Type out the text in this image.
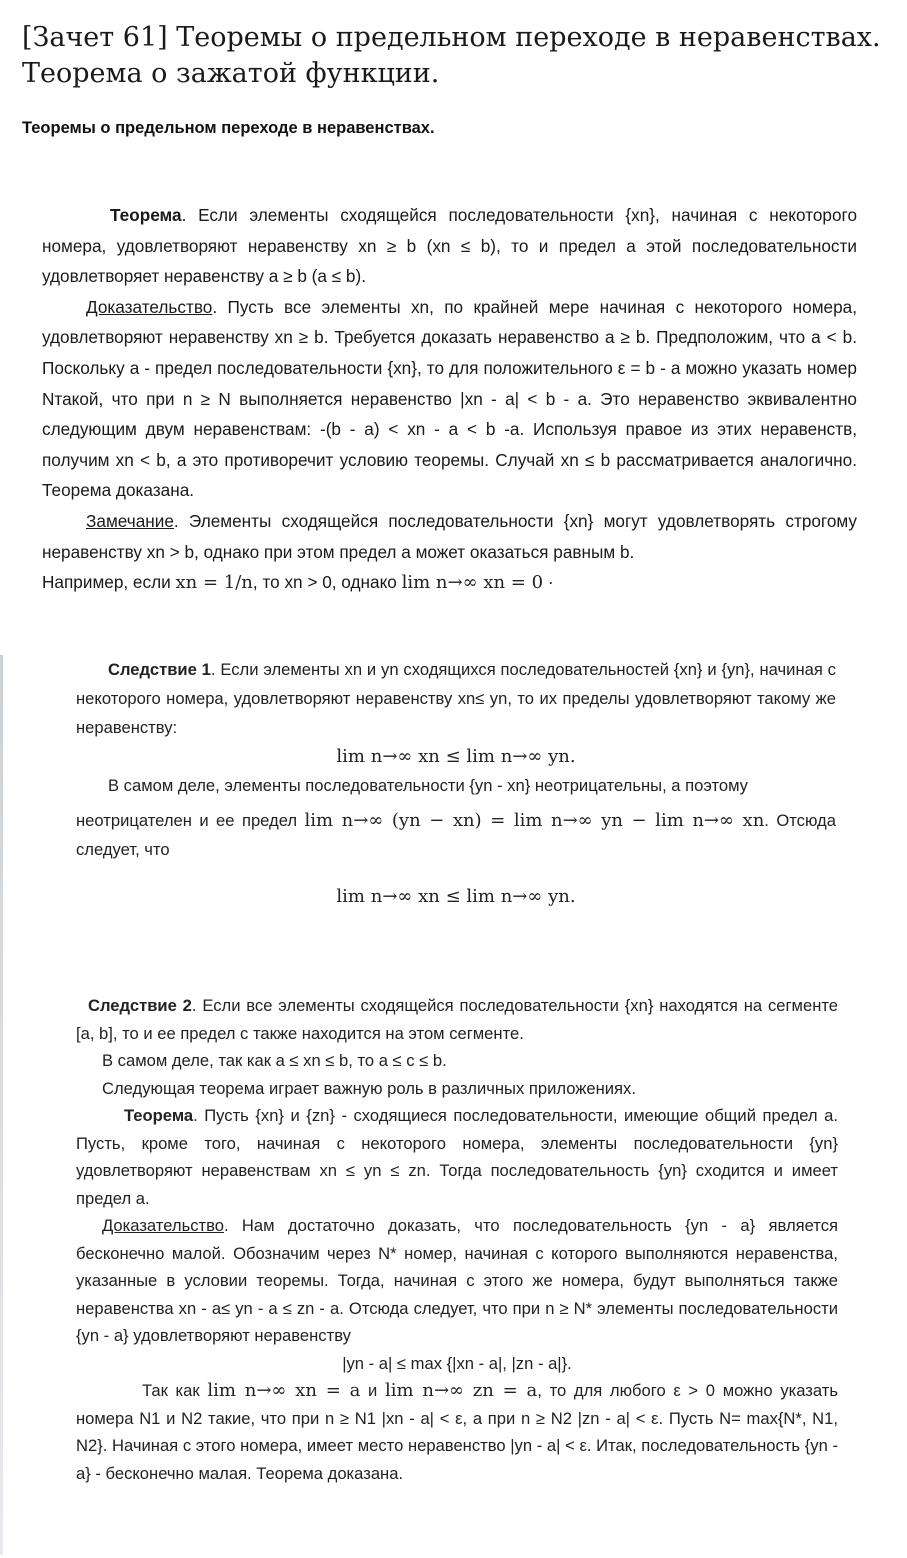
[Зачет 61] Теоремы о предельном переходе в неравенствах. Теорема о зажатой функции.
Теоремы о предельном переходе в неравенствах.

Теорема. Если элементы сходящейся последовательности {xn}, начиная с некоторого номера, удовлетворяют неравенству xn ≥ b (xn ≤ b), то и предел a этой последовательности удовлетворяет неравенству a ≥ b (a ≤ b).

Доказательство. Пусть все элементы xn, по крайней мере начиная с некоторого номера, удовлетворяют неравенству xn ≥ b. Требуется доказать неравенство a ≥ b. Предположим, что a < b. Поскольку a - предел последовательности {xn}, то для положительного ε = b - a можно указать номер Nтакой, что при n ≥ N выполняется неравенство |xn - a| < b - a. Это неравенство эквивалентно следующим двум неравенствам: -(b - a) < xn - a < b -a. Используя правое из этих неравенств, получим xn < b, а это противоречит условию теоремы. Случай xn ≤ b рассматривается аналогично. Теорема доказана.

Замечание. Элементы сходящейся последовательности {xn} могут удовлетворять строгому неравенству xn > b, однако при этом предел a может оказаться равным b.

Например, если xn = 1/n, то xn > 0, однако lim n→∞ xn = 0 ·

Следствие 1. Если элементы xn и yn сходящихся последовательностей {xn} и {yn}, начиная с некоторого номера, удовлетворяют неравенству xn≤ yn, то их пределы удовлетворяют такому же неравенству:

lim n→∞ xn ≤ lim n→∞ yn.

В самом деле, элементы последовательности {yn - xn} неотрицательны, а поэтому

неотрицателен и ее предел lim n→∞ (yn − xn) = lim n→∞ yn − lim n→∞ xn. Отсюда следует, что

lim n→∞ xn ≤ lim n→∞ yn.

Следствие 2. Если все элементы сходящейся последовательности {xn} находятся на сегменте [a, b], то и ее предел c также находится на этом сегменте.

В самом деле, так как a ≤ xn ≤ b, то a ≤ c ≤ b.

Следующая теорема играет важную роль в различных приложениях.

Теорема. Пусть {xn} и {zn} - сходящиеся последовательности, имеющие общий предел a. Пусть, кроме того, начиная с некоторого номера, элементы последовательности {yn} удовлетворяют неравенствам xn ≤ yn ≤ zn. Тогда последовательность {yn} сходится и имеет предел a.

Доказательство. Нам достаточно доказать, что последовательность {yn - a} является бесконечно малой. Обозначим через N* номер, начиная с которого выполняются неравенства, указанные в условии теоремы. Тогда, начиная с этого же номера, будут выполняться также неравенства xn - a≤ yn - a ≤ zn - a. Отсюда следует, что при n ≥ N* элементы последовательности {yn - a} удовлетворяют неравенству

|yn - a| ≤ max {|xn - a|, |zn - a|}.

Так как lim n→∞ xn = a и lim n→∞ zn = a, то для любого ε > 0 можно указать номера N1 и N2 такие, что при n ≥ N1 |xn - a| < ε, а при n ≥ N2 |zn - a| < ε. Пусть N= max{N*, N1, N2}. Начиная с этого номера, имеет место неравенство |yn - a| < ε. Итак, последовательность {yn - a} - бесконечно малая. Теорема доказана.
